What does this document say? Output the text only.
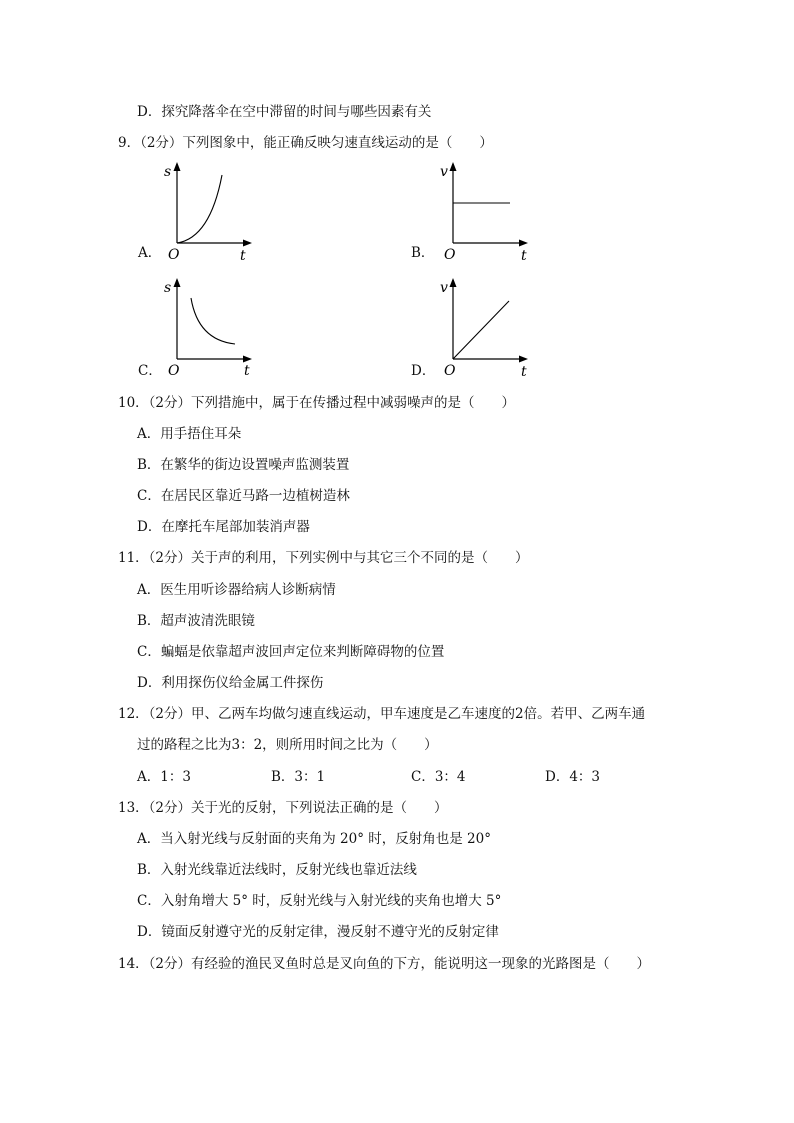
D．探究降落伞在空中滞留的时间与哪些因素有关
9．（2分）下列图象中，能正确反映匀速直线运动的是（　　）
s
O	t
A．
v
O	t
B．
s
O	t
C．
v
O	t
D．
10．（2分）下列措施中，属于在传播过程中减弱噪声的是（　　）
A．用手捂住耳朵
B．在繁华的街边设置噪声监测装置
C．在居民区靠近马路一边植树造林
D．在摩托车尾部加装消声器
11．（2分）关于声的利用，下列实例中与其它三个不同的是（　　）
A．医生用听诊器给病人诊断病情
B．超声波清洗眼镜
C．蝙蝠是依靠超声波回声定位来判断障碍物的位置
D．利用探伤仪给金属工件探伤
12．（2分）甲、乙两车均做匀速直线运动，甲车速度是乙车速度的2倍。若甲、乙两车通
过的路程之比为3：2，则所用时间之比为（　　）
A．1：3	B．3：1	C．3：4	D．4：3
13．（2分）关于光的反射，下列说法正确的是（　　）
A．当入射光线与反射面的夹角为 20° 时，反射角也是 20°
B．入射光线靠近法线时，反射光线也靠近法线
C．入射角增大 5° 时，反射光线与入射光线的夹角也增大 5°
D．镜面反射遵守光的反射定律，漫反射不遵守光的反射定律
14．（2分）有经验的渔民叉鱼时总是叉向鱼的下方，能说明这一现象的光路图是（　　）
